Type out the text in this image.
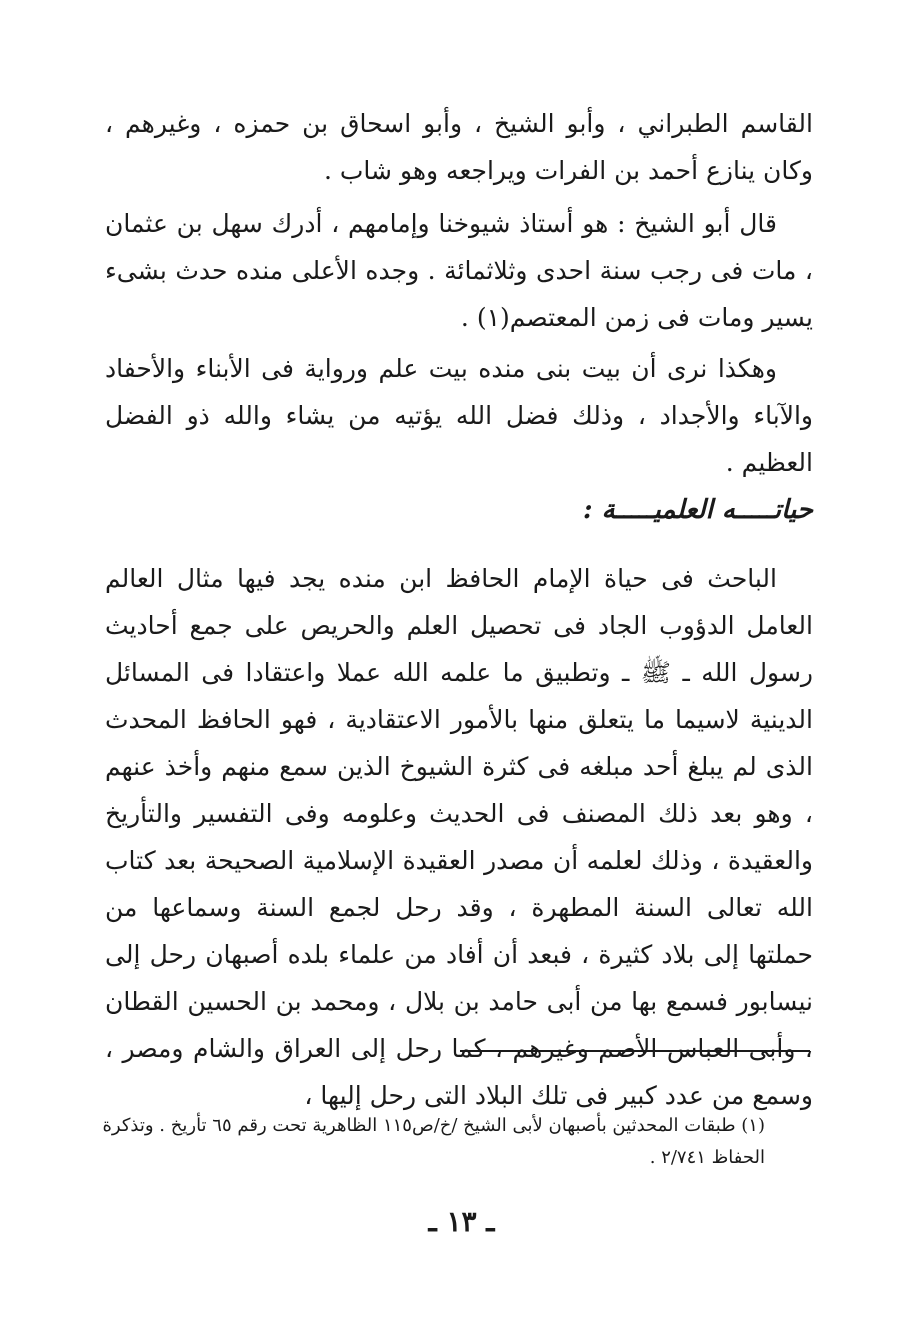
القاسم الطبراني ، وأبو الشيخ ، وأبو اسحاق بن حمزه ، وغيرهم ، وكان ينازع أحمد بن الفرات ويراجعه وهو شاب .

قال أبو الشيخ : هو أستاذ شيوخنا وإمامهم ، أدرك سهل بن عثمان ، مات فى رجب سنة احدى وثلاثمائة . وجده الأعلى منده حدث بشىء يسير ومات فى زمن المعتصم(١) .

وهكذا نرى أن بيت بنى منده بيت علم ورواية فى الأبناء والأحفاد والآباء والأجداد ، وذلك فضل الله يؤتيه من يشاء والله ذو الفضل العظيم .

حياتـــــه العلميـــــة :

الباحث فى حياة الإمام الحافظ ابن منده يجد فيها مثال العالم العامل الدؤوب الجاد فى تحصيل العلم والحريص على جمع أحاديث رسول الله ـ ﷺ ـ وتطبيق ما علمه الله عملا واعتقادا فى المسائل الدينية لاسيما ما يتعلق منها بالأمور الاعتقادية ، فهو الحافظ المحدث الذى لم يبلغ أحد مبلغه فى كثرة الشيوخ الذين سمع منهم وأخذ عنهم ، وهو بعد ذلك المصنف فى الحديث وعلومه وفى التفسير والتأريخ والعقيدة ، وذلك لعلمه أن مصدر العقيدة الإسلامية الصحيحة بعد كتاب الله تعالى السنة المطهرة ، وقد رحل لجمع السنة وسماعها من حملتها إلى بلاد كثيرة ، فبعد أن أفاد من علماء بلده أصبهان رحل إلى نيسابور فسمع بها من أبى حامد بن بلال ، ومحمد بن الحسين القطان ، وأبى العباس الأصم وغيرهم ، كما رحل إلى العراق والشام ومصر ، وسمع من عدد كبير فى تلك البلاد التى رحل إليها ،

(١) طبقات المحدثين بأصبهان لأبى الشيخ /خ/ص١١٥ الظاهرية تحت رقم ٦٥ تأريخ . وتذكرة الحفاظ ٢/٧٤١ .

ـ ١٣ ـ
